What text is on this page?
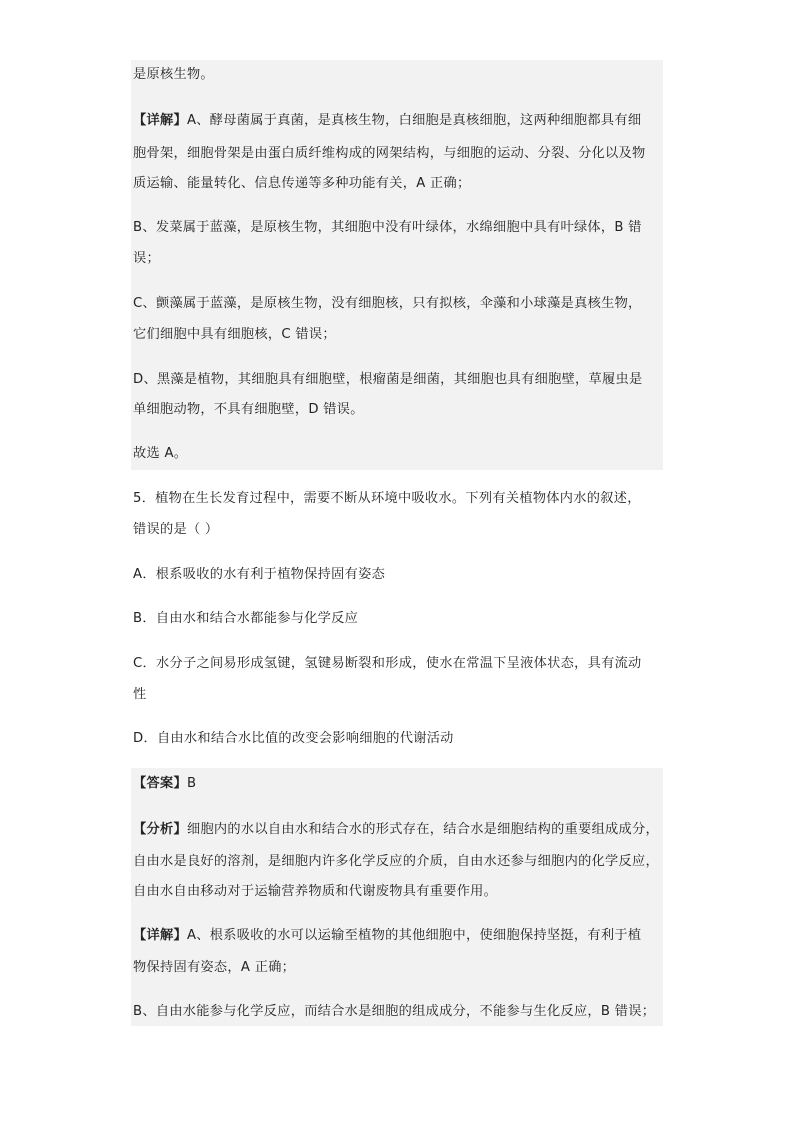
是原核生物。
【详解】A、酵母菌属于真菌，是真核生物，白细胞是真核细胞，这两种细胞都具有细
胞骨架，细胞骨架是由蛋白质纤维构成的网架结构，与细胞的运动、分裂、分化以及物
质运输、能量转化、信息传递等多种功能有关，A 正确；
B、发菜属于蓝藻，是原核生物，其细胞中没有叶绿体，水绵细胞中具有叶绿体，B 错
误；
C、颤藻属于蓝藻，是原核生物，没有细胞核，只有拟核，伞藻和小球藻是真核生物，
它们细胞中具有细胞核，C 错误；
D、黑藻是植物，其细胞具有细胞壁，根瘤菌是细菌，其细胞也具有细胞壁，草履虫是
单细胞动物，不具有细胞壁，D 错误。
故选 A。
5．植物在生长发育过程中，需要不断从环境中吸收水。下列有关植物体内水的叙述，
错误的是（ ）
A．根系吸收的水有利于植物保持固有姿态
B．自由水和结合水都能参与化学反应
C．水分子之间易形成氢键，氢键易断裂和形成，使水在常温下呈液体状态，具有流动
性
D．自由水和结合水比值的改变会影响细胞的代谢活动
【答案】B
【分析】细胞内的水以自由水和结合水的形式存在，结合水是细胞结构的重要组成成分，
自由水是良好的溶剂，是细胞内许多化学反应的介质，自由水还参与细胞内的化学反应，
自由水自由移动对于运输营养物质和代谢废物具有重要作用。
【详解】A、根系吸收的水可以运输至植物的其他细胞中，使细胞保持坚挺，有利于植
物保持固有姿态，A 正确；
B、自由水能参与化学反应，而结合水是细胞的组成成分，不能参与生化反应，B 错误；
